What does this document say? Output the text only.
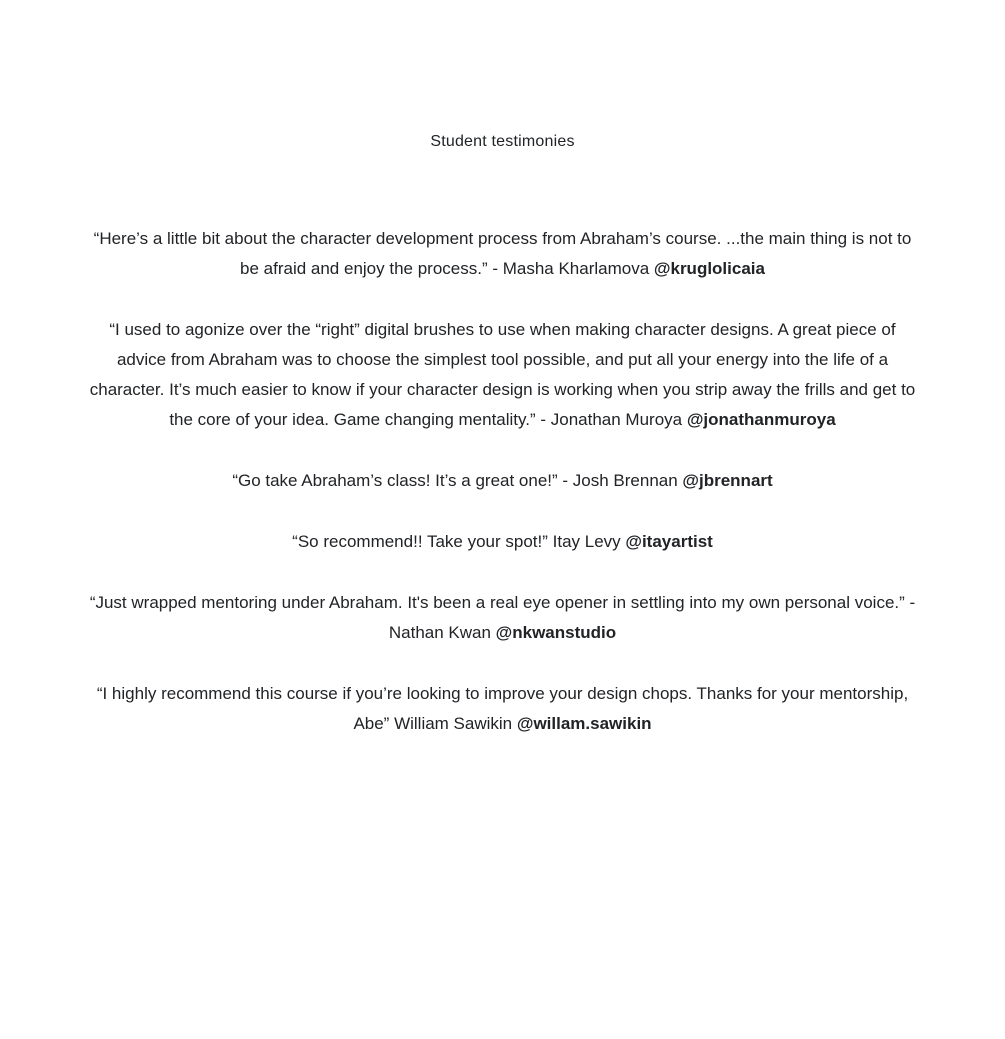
Student testimonies

“Here’s a little bit about the character development process from Abraham’s course. ...the main thing is not to be afraid and enjoy the process.” - Masha Kharlamova @kruglolicaia

“I used to agonize over the “right” digital brushes to use when making character designs. A great piece of advice from Abraham was to choose the simplest tool possible, and put all your energy into the life of a character. It’s much easier to know if your character design is working when you strip away the frills and get to the core of your idea. Game changing mentality.” - Jonathan Muroya @jonathanmuroya

“Go take Abraham’s class! It’s a great one!” - Josh Brennan @jbrennart

“So recommend!! Take your spot!” Itay Levy @itayartist

“Just wrapped mentoring under Abraham. It's been a real eye opener in settling into my own personal voice.” - Nathan Kwan @nkwanstudio

“I highly recommend this course if you’re looking to improve your design chops. Thanks for your mentorship, Abe” William Sawikin @willam.sawikin
